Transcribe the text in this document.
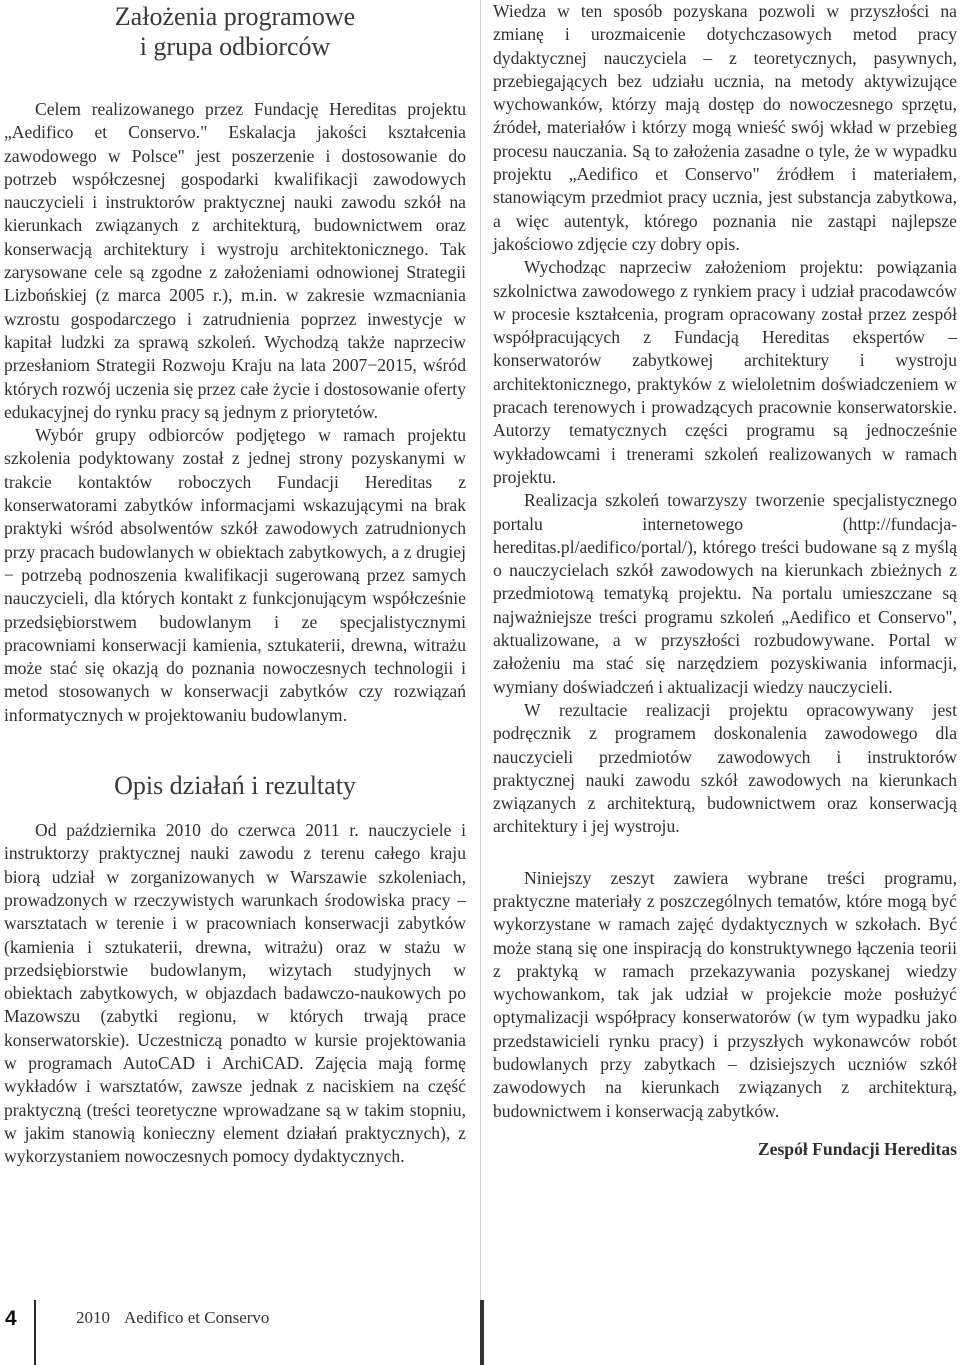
Założenia programowe
i grupa odbiorców

Celem realizowanego przez Fundację Hereditas projektu „Aedifico et Conservo." Eskalacja jakości kształcenia zawodowego w Polsce" jest poszerzenie i dostosowanie do potrzeb współczesnej gospodarki kwalifikacji zawodowych nauczycieli i instruktorów praktycznej nauki zawodu szkół na kierunkach związanych z architekturą, budownictwem oraz konserwacją architektury i wystroju architektonicznego. Tak zarysowane cele są zgodne z założeniami odnowionej Strategii Lizbońskiej (z marca 2005 r.), m.in. w zakresie wzmacniania wzrostu gospodarczego i zatrudnienia poprzez inwestycje w kapitał ludzki za sprawą szkoleń. Wychodzą także naprzeciw przesłaniom Strategii Rozwoju Kraju na lata 2007−2015, wśród których rozwój uczenia się przez całe życie i dostosowanie oferty edukacyjnej do rynku pracy są jednym z priorytetów.

Wybór grupy odbiorców podjętego w ramach projektu szkolenia podyktowany został z jednej strony pozyskanymi w trakcie kontaktów roboczych Fundacji Hereditas z konserwatorami zabytków informacjami wskazującymi na brak praktyki wśród absolwentów szkół zawodowych zatrudnionych przy pracach budowlanych w obiektach zabytkowych, a z drugiej − potrzebą podnoszenia kwalifikacji sugerowaną przez samych nauczycieli, dla których kontakt z funkcjonującym współcześnie przedsiębiorstwem budowlanym i ze specjalistycznymi pracowniami konserwacji kamienia, sztukaterii, drewna, witrażu może stać się okazją do poznania nowoczesnych technologii i metod stosowanych w konserwacji zabytków czy rozwiązań informatycznych w projektowaniu budowlanym.

Opis działań i rezultaty

Od października 2010 do czerwca 2011 r. nauczyciele i instruktorzy praktycznej nauki zawodu z terenu całego kraju biorą udział w zorganizowanych w Warszawie szkoleniach, prowadzonych w rzeczywistych warunkach środowiska pracy – warsztatach w terenie i w pracowniach konserwacji zabytków (kamienia i sztukaterii, drewna, witrażu) oraz w stażu w przedsiębiorstwie budowlanym, wizytach studyjnych w obiektach zabytkowych, w objazdach badawczo-naukowych po Mazowszu (zabytki regionu, w których trwają prace konserwatorskie). Uczestniczą ponadto w kursie projektowania w programach AutoCAD i ArchiCAD. Zajęcia mają formę wykładów i warsztatów, zawsze jednak z naciskiem na część praktyczną (treści teoretyczne wprowadzane są w takim stopniu, w jakim stanowią konieczny element działań praktycznych), z wykorzystaniem nowoczesnych pomocy dydaktycznych.

Wiedza w ten sposób pozyskana pozwoli w przyszłości na zmianę i urozmaicenie dotychczasowych metod pracy dydaktycznej nauczyciela – z teoretycznych, pasywnych, przebiegających bez udziału ucznia, na metody aktywizujące wychowanków, którzy mają dostęp do nowoczesnego sprzętu, źródeł, materiałów i którzy mogą wnieść swój wkład w przebieg procesu nauczania. Są to założenia zasadne o tyle, że w wypadku projektu „Aedifico et Conservo" źródłem i materiałem, stanowiącym przedmiot pracy ucznia, jest substancja zabytkowa, a więc autentyk, którego poznania nie zastąpi najlepsze jakościowo zdjęcie czy dobry opis.

Wychodząc naprzeciw założeniom projektu: powiązania szkolnictwa zawodowego z rynkiem pracy i udział pracodawców w procesie kształcenia, program opracowany został przez zespół współpracujących z Fundacją Hereditas ekspertów – konserwatorów zabytkowej architektury i wystroju architektonicznego, praktyków z wieloletnim doświadczeniem w pracach terenowych i prowadzących pracownie konserwatorskie. Autorzy tematycznych części programu są jednocześnie wykładowcami i trenerami szkoleń realizowanych w ramach projektu.

Realizacja szkoleń towarzyszy tworzenie specjalistycznego portalu internetowego (http://fundacja-hereditas.pl/aedifico/portal/), którego treści budowane są z myślą o nauczycielach szkół zawodowych na kierunkach zbieżnych z przedmiotową tematyką projektu. Na portalu umieszczane są najważniejsze treści programu szkoleń „Aedifico et Conservo", aktualizowane, a w przyszłości rozbudowywane. Portal w założeniu ma stać się narzędziem pozyskiwania informacji, wymiany doświadczeń i aktualizacji wiedzy nauczycieli.

W rezultacie realizacji projektu opracowywany jest podręcznik z programem doskonalenia zawodowego dla nauczycieli przedmiotów zawodowych i instruktorów praktycznej nauki zawodu szkół zawodowych na kierunkach związanych z architekturą, budownictwem oraz konserwacją architektury i jej wystroju.

Niniejszy zeszyt zawiera wybrane treści programu, praktyczne materiały z poszczególnych tematów, które mogą być wykorzystane w ramach zajęć dydaktycznych w szkołach. Być może staną się one inspiracją do konstruktywnego łączenia teorii z praktyką w ramach przekazywania pozyskanej wiedzy wychowankom, tak jak udział w projekcie może posłużyć optymalizacji współpracy konserwatorów (w tym wypadku jako przedstawicieli rynku pracy) i przyszłych wykonawców robót budowlanych przy zabytkach – dzisiejszych uczniów szkół zawodowych na kierunkach związanych z architekturą, budownictwem i konserwacją zabytków.

Zespół Fundacji Hereditas

4	2010 Aedifico et Conservo
